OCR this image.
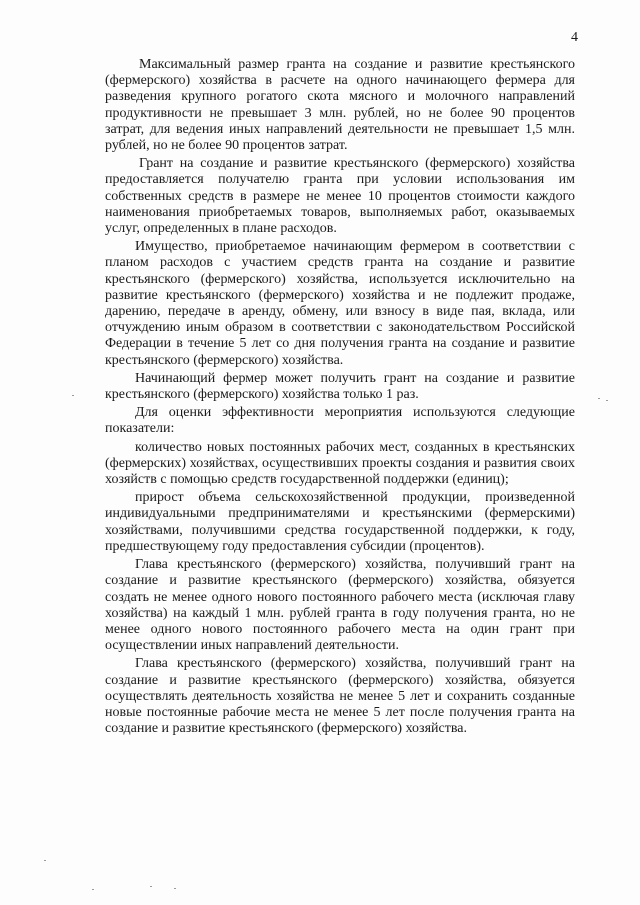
4

Максимальный размер гранта на создание и развитие крестьянского (фермерского) хозяйства в расчете на одного начинающего фермера для разведения крупного рогатого скота мясного и молочного направлений продуктивности не превышает 3 млн. рублей, но не более 90 процентов затрат, для ведения иных направлений деятельности не превышает 1,5 млн. рублей, но не более 90 процентов затрат.

Грант на создание и развитие крестьянского (фермерского) хозяйства предоставляется получателю гранта при условии использования им собственных средств в размере не менее 10 процентов стоимости каждого наименования приобретаемых товаров, выполняемых работ, оказываемых услуг, определенных в плане расходов.

Имущество, приобретаемое начинающим фермером в соответствии с планом расходов с участием средств гранта на создание и развитие крестьянского (фермерского) хозяйства, используется исключительно на развитие крестьянского (фермерского) хозяйства и не подлежит продаже, дарению, передаче в аренду, обмену, или взносу в виде пая, вклада, или отчуждению иным образом в соответствии с законодательством Российской Федерации в течение 5 лет со дня получения гранта на создание и развитие крестьянского (фермерского) хозяйства.

Начинающий фермер может получить грант на создание и развитие крестьянского (фермерского) хозяйства только 1 раз.

Для оценки эффективности мероприятия используются следующие показатели:

количество новых постоянных рабочих мест, созданных в крестьянских (фермерских) хозяйствах, осуществивших проекты создания и развития своих хозяйств с помощью средств государственной поддержки (единиц);

прирост объема сельскохозяйственной продукции, произведенной индивидуальными предпринимателями и крестьянскими (фермерскими) хозяйствами, получившими средства государственной поддержки, к году, предшествующему году предоставления субсидии (процентов).

Глава крестьянского (фермерского) хозяйства, получивший грант на создание и развитие крестьянского (фермерского) хозяйства, обязуется создать не менее одного нового постоянного рабочего места (исключая главу хозяйства) на каждый 1 млн. рублей гранта в году получения гранта, но не менее одного нового постоянного рабочего места на один грант при осуществлении иных направлений деятельности.

Глава крестьянского (фермерского) хозяйства, получивший грант на создание и развитие крестьянского (фермерского) хозяйства, обязуется осуществлять деятельность хозяйства не менее 5 лет и сохранить созданные новые постоянные рабочие места не менее 5 лет после получения гранта на создание и развитие крестьянского (фермерского) хозяйства.
